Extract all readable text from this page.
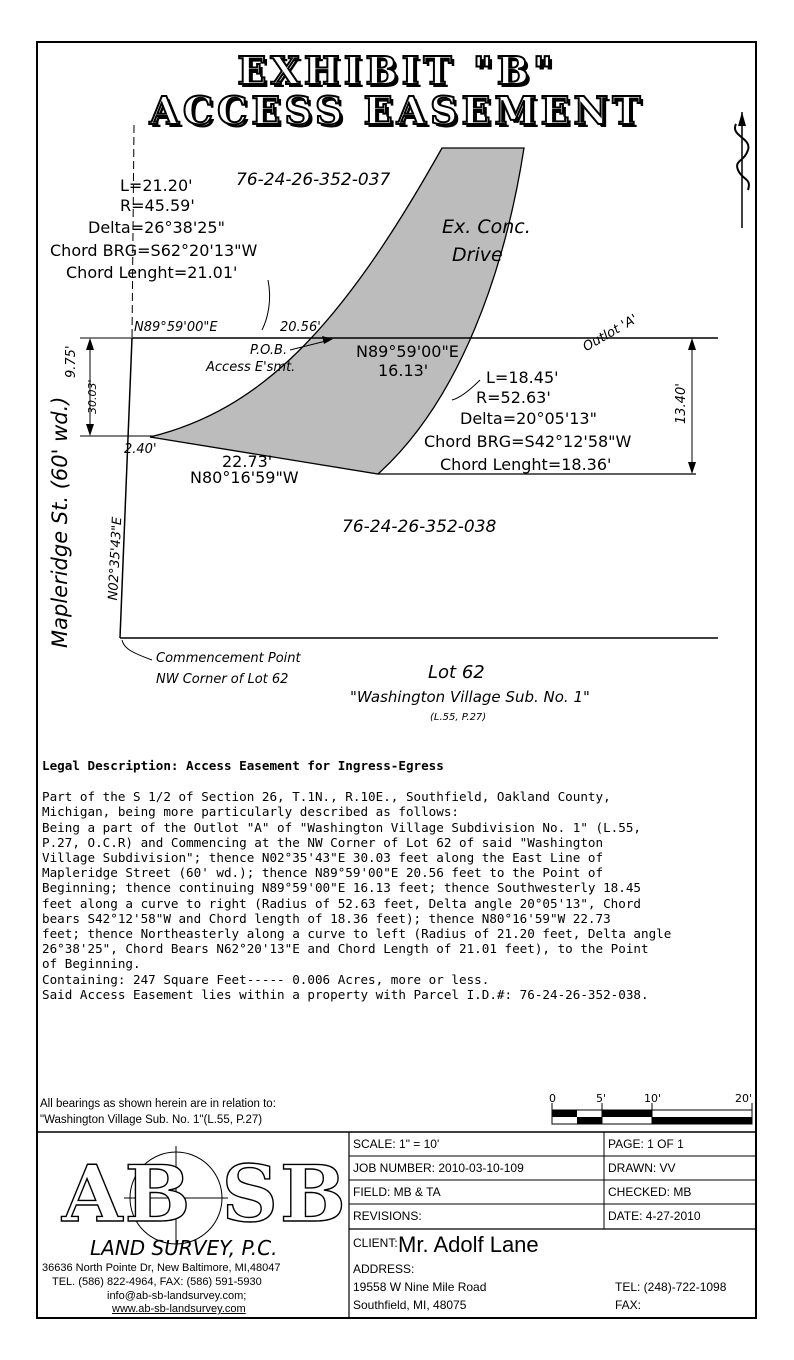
EXHIBIT "B"
ACCESS EASEMENT
76-24-26-352-037
L=21.20'
R=45.59'
Delta=26°38'25"
Chord BRG=S62°20'13"W
Chord Lenght=21.01'
Ex. Conc.
Drive
N89°59'00"E	20.56'
P.O.B.
Access E'smt.
N89°59'00"E
16.13'
Outlot 'A'
L=18.45'
R=52.63'
Delta=20°05'13"
Chord BRG=S42°12'58"W
Chord Lenght=18.36'
9.75'
30.03'	13.40'
2.40'
22.73'
N80°16'59"W
Mapleridge St. (60' wd.)	N02°35'43"E	76-24-26-352-038
Commencement Point
NW Corner of Lot 62	Lot 62
"Washington Village Sub. No. 1"
(L.55, P.27)

Legal Description: Access Easement for Ingress-Egress

Part of the S 1/2 of Section 26, T.1N., R.10E., Southfield, Oakland County,

Michigan, being more particularly described as follows:

Being a part of the Outlot "A" of "Washington Village Subdivision No. 1" (L.55,

P.27, O.C.R) and Commencing at the NW Corner of Lot 62 of said "Washington

Village Subdivision"; thence N02°35'43"E 30.03 feet along the East Line of

Mapleridge Street (60' wd.); thence N89°59'00"E 20.56 feet to the Point of

Beginning; thence continuing N89°59'00"E 16.13 feet; thence Southwesterly 18.45

feet along a curve to right (Radius of 52.63 feet, Delta angle 20°05'13", Chord

bears S42°12'58"W and Chord length of 18.36 feet); thence N80°16'59"W 22.73

feet; thence Northeasterly along a curve to left (Radius of 21.20 feet, Delta angle

26°38'25", Chord Bears N62°20'13"E and Chord Length of 21.01 feet), to the Point

of Beginning.

Containing: 247 Square Feet----- 0.006 Acres, more or less.

Said Access Easement lies within a property with Parcel I.D.#: 76-24-26-352-038.

All bearings as shown herein are in relation to:
"Washington Village Sub. No. 1"(L.55, P.27)
0	5'	10'	20'
SCALE: 1" = 10'	PAGE: 1 OF 1
JOB NUMBER: 2010-03-10-109	DRAWN: VV
FIELD: MB & TA	CHECKED: MB
REVISIONS:	DATE: 4-27-2010
CLIENT: Mr. Adolf Lane
ADDRESS:
19558 W Nine Mile Road
Southfield, MI, 48075
TEL: (248)-722-1098
FAX:
AB SB
LAND SURVEY, P.C.
36636 North Pointe Dr, New Baltimore, MI,48047
TEL. (586) 822-4964, FAX: (586) 591-5930
info@ab-sb-landsurvey.com;
www.ab-sb-landsurvey.com
